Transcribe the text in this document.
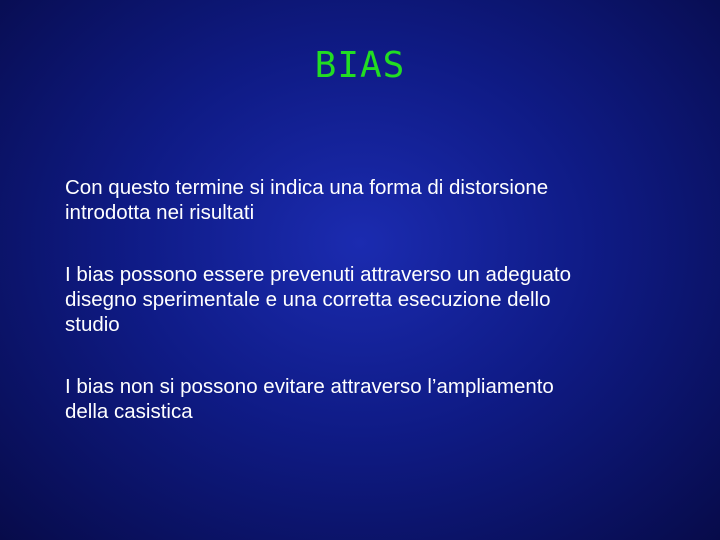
BIAS

Con questo termine si indica una forma di distorsione
introdotta nei risultati

I bias possono essere prevenuti attraverso un adeguato
disegno sperimentale e una corretta esecuzione dello
studio

I bias non si possono evitare attraverso l’ampliamento
della casistica
